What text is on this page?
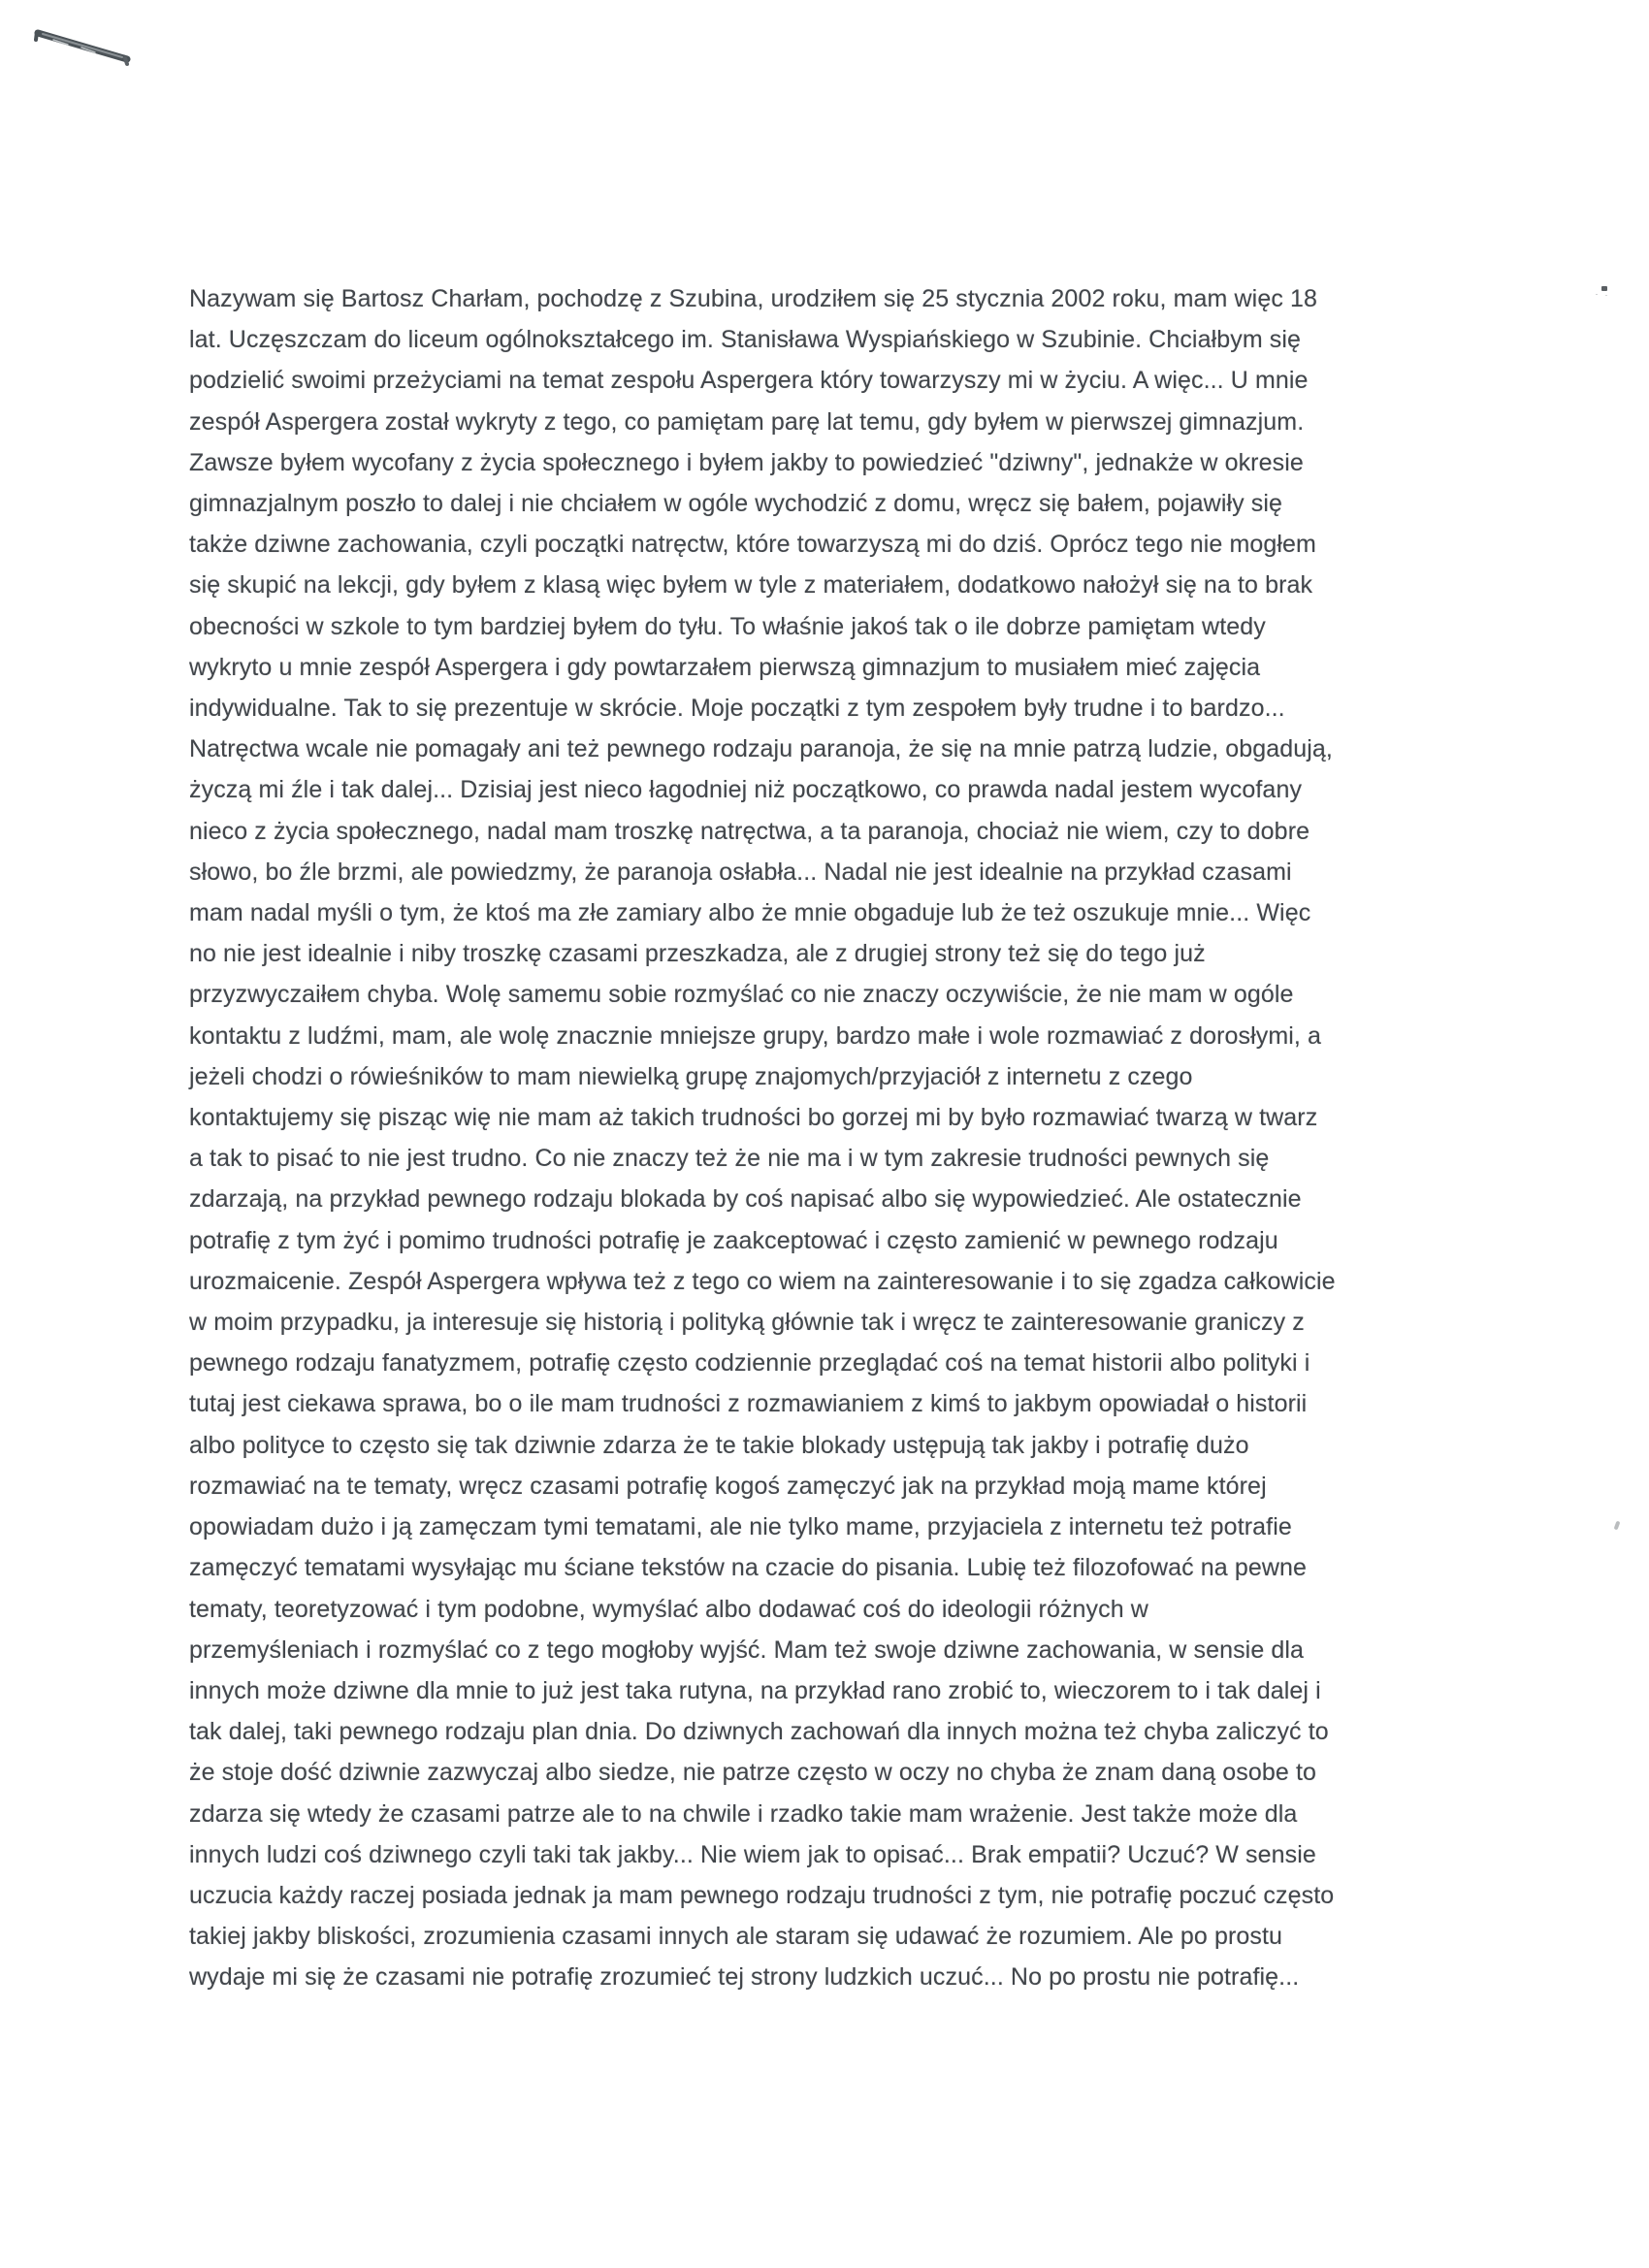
Nazywam się Bartosz Charłam, pochodzę z Szubina, urodziłem się 25 stycznia 2002 roku, mam więc 18
lat. Uczęszczam do liceum ogólnokształcego im. Stanisława Wyspiańskiego w Szubinie. Chciałbym się
podzielić swoimi przeżyciami na temat zespołu Aspergera który towarzyszy mi w życiu. A więc... U mnie
zespół Aspergera został wykryty z tego, co pamiętam parę lat temu, gdy byłem w pierwszej gimnazjum.
Zawsze byłem wycofany z życia społecznego i byłem jakby to powiedzieć "dziwny", jednakże w okresie
gimnazjalnym poszło to dalej i nie chciałem w ogóle wychodzić z domu, wręcz się bałem, pojawiły się
także dziwne zachowania, czyli początki natręctw, które towarzyszą mi do dziś. Oprócz tego nie mogłem
się skupić na lekcji, gdy byłem z klasą więc byłem w tyle z materiałem, dodatkowo nałożył się na to brak
obecności w szkole to tym bardziej byłem do tyłu. To właśnie jakoś tak o ile dobrze pamiętam wtedy
wykryto u mnie zespół Aspergera i gdy powtarzałem pierwszą gimnazjum to musiałem mieć zajęcia
indywidualne. Tak to się prezentuje w skrócie. Moje początki z tym zespołem były trudne i to bardzo...
Natręctwa wcale nie pomagały ani też pewnego rodzaju paranoja, że się na mnie patrzą ludzie, obgadują,
życzą mi źle i tak dalej... Dzisiaj jest nieco łagodniej niż początkowo, co prawda nadal jestem wycofany
nieco z życia społecznego, nadal mam troszkę natręctwa, a ta paranoja, chociaż nie wiem, czy to dobre
słowo, bo źle brzmi, ale powiedzmy, że paranoja osłabła... Nadal nie jest idealnie na przykład czasami
mam nadal myśli o tym, że ktoś ma złe zamiary albo że mnie obgaduje lub że też oszukuje mnie... Więc
no nie jest idealnie i niby troszkę czasami przeszkadza, ale z drugiej strony też się do tego już
przyzwyczaiłem chyba. Wolę samemu sobie rozmyślać co nie znaczy oczywiście, że nie mam w ogóle
kontaktu z ludźmi, mam, ale wolę znacznie mniejsze grupy, bardzo małe i wole rozmawiać z dorosłymi, a
jeżeli chodzi o rówieśników to mam niewielką grupę znajomych/przyjaciół z internetu z czego
kontaktujemy się pisząc wię nie mam aż takich trudności bo gorzej mi by było rozmawiać twarzą w twarz
a tak to pisać to nie jest trudno. Co nie znaczy też że nie ma i w tym zakresie trudności pewnych się
zdarzają, na przykład pewnego rodzaju blokada by coś napisać albo się wypowiedzieć. Ale ostatecznie
potrafię z tym żyć i pomimo trudności potrafię je zaakceptować i często zamienić w pewnego rodzaju
urozmaicenie. Zespół Aspergera wpływa też z tego co wiem na zainteresowanie i to się zgadza całkowicie
w moim przypadku, ja interesuje się historią i polityką głównie tak i wręcz te zainteresowanie graniczy z
pewnego rodzaju fanatyzmem, potrafię często codziennie przeglądać coś na temat historii albo polityki i
tutaj jest ciekawa sprawa, bo o ile mam trudności z rozmawianiem z kimś to jakbym opowiadał o historii
albo polityce to często się tak dziwnie zdarza że te takie blokady ustępują tak jakby i potrafię dużo
rozmawiać na te tematy, wręcz czasami potrafię kogoś zamęczyć jak na przykład moją mame której
opowiadam dużo i ją zamęczam tymi tematami, ale nie tylko mame, przyjaciela z internetu też potrafie
zamęczyć tematami wysyłając mu ściane tekstów na czacie do pisania. Lubię też filozofować na pewne
tematy, teoretyzować i tym podobne, wymyślać albo dodawać coś do ideologii różnych w
przemyśleniach i rozmyślać co z tego mogłoby wyjść. Mam też swoje dziwne zachowania, w sensie dla
innych może dziwne dla mnie to już jest taka rutyna, na przykład rano zrobić to, wieczorem to i tak dalej i
tak dalej, taki pewnego rodzaju plan dnia. Do dziwnych zachowań dla innych można też chyba zaliczyć to
że stoje dość dziwnie zazwyczaj albo siedze, nie patrze często w oczy no chyba że znam daną osobe to
zdarza się wtedy że czasami patrze ale to na chwile i rzadko takie mam wrażenie. Jest także może dla
innych ludzi coś dziwnego czyli taki tak jakby... Nie wiem jak to opisać... Brak empatii? Uczuć? W sensie
uczucia każdy raczej posiada jednak ja mam pewnego rodzaju trudności z tym, nie potrafię poczuć często
takiej jakby bliskości, zrozumienia czasami innych ale staram się udawać że rozumiem. Ale po prostu
wydaje mi się że czasami nie potrafię zrozumieć tej strony ludzkich uczuć... No po prostu nie potrafię...
